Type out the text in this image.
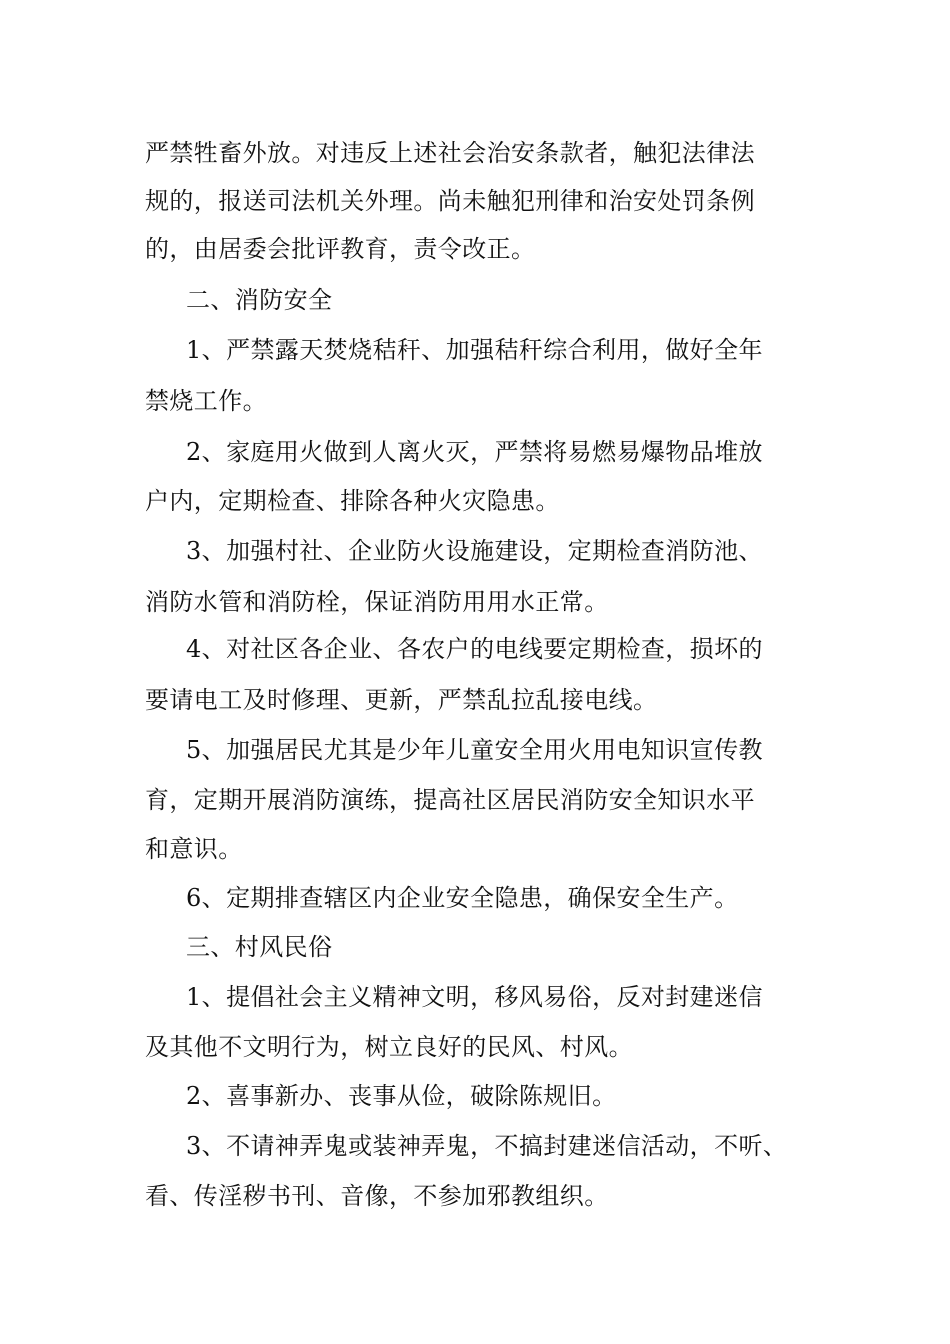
严禁牲畜外放。对违反上述社会治安条款者，触犯法律法
规的，报送司法机关外理。尚未触犯刑律和治安处罚条例
的，由居委会批评教育，责令改正。
二、消防安全
1、严禁露天焚烧秸秆、加强秸秆综合利用，做好全年
禁烧工作。
2、家庭用火做到人离火灭，严禁将易燃易爆物品堆放
户内，定期检查、排除各种火灾隐患。
3、加强村社、企业防火设施建设，定期检查消防池、
消防水管和消防栓，保证消防用用水正常。
4、对社区各企业、各农户的电线要定期检查，损坏的
要请电工及时修理、更新，严禁乱拉乱接电线。
5、加强居民尤其是少年儿童安全用火用电知识宣传教
育，定期开展消防演练，提高社区居民消防安全知识水平
和意识。
6、定期排查辖区内企业安全隐患，确保安全生产。
三、村风民俗
1、提倡社会主义精神文明，移风易俗，反对封建迷信
及其他不文明行为，树立良好的民风、村风。
2、喜事新办、丧事从俭，破除陈规旧。
3、不请神弄鬼或装神弄鬼，不搞封建迷信活动，不听、
看、传淫秽书刊、音像，不参加邪教组织。
